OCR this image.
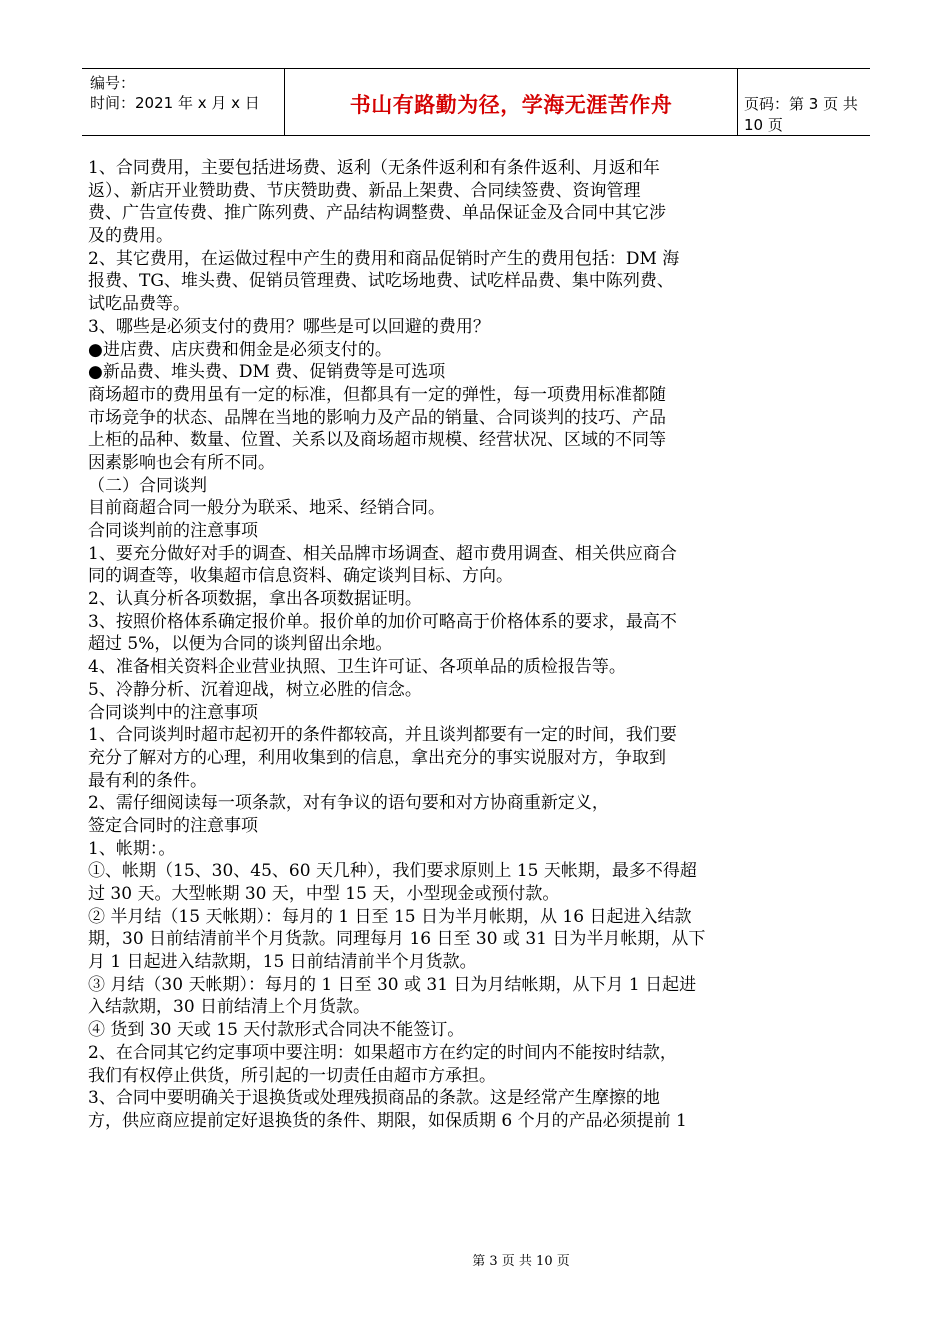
编号：
时间：2021 年 x 月 x 日	书山有路勤为径，学海无涯苦作舟	页码：第 3 页 共 10 页
1、合同费用，主要包括进场费、返利（无条件返利和有条件返利、月返和年
返）、新店开业赞助费、节庆赞助费、新品上架费、合同续签费、资询管理
费、广告宣传费、推广陈列费、产品结构调整费、单品保证金及合同中其它涉
及的费用。
2、其它费用，在运做过程中产生的费用和商品促销时产生的费用包括：DM 海
报费、TG、堆头费、促销员管理费、试吃场地费、试吃样品费、集中陈列费、
试吃品费等。
3、哪些是必须支付的费用？哪些是可以回避的费用？
●进店费、店庆费和佣金是必须支付的。
●新品费、堆头费、DM 费、促销费等是可选项
商场超市的费用虽有一定的标准，但都具有一定的弹性，每一项费用标准都随
市场竞争的状态、品牌在当地的影响力及产品的销量、合同谈判的技巧、产品
上柜的品种、数量、位置、关系以及商场超市规模、经营状况、区域的不同等
因素影响也会有所不同。
（二）合同谈判
目前商超合同一般分为联采、地采、经销合同。
合同谈判前的注意事项
1、要充分做好对手的调查、相关品牌市场调查、超市费用调查、相关供应商合
同的调查等，收集超市信息资料、确定谈判目标、方向。
2、认真分析各项数据，拿出各项数据证明。
3、按照价格体系确定报价单。报价单的加价可略高于价格体系的要求，最高不
超过 5%，以便为合同的谈判留出余地。
4、准备相关资料企业营业执照、卫生许可证、各项单品的质检报告等。
5、冷静分析、沉着迎战，树立必胜的信念。
合同谈判中的注意事项
1、合同谈判时超市起初开的条件都较高，并且谈判都要有一定的时间，我们要
充分了解对方的心理，利用收集到的信息，拿出充分的事实说服对方，争取到
最有利的条件。
2、需仔细阅读每一项条款，对有争议的语句要和对方协商重新定义，
签定合同时的注意事项
1、帐期：。
①、帐期（15、30、45、60 天几种），我们要求原则上 15 天帐期，最多不得超
过 30 天。大型帐期 30 天，中型 15 天，小型现金或预付款。
② 半月结（15 天帐期）：每月的 1 日至 15 日为半月帐期，从 16 日起进入结款
期，30 日前结清前半个月货款。同理每月 16 日至 30 或 31 日为半月帐期，从下
月 1 日起进入结款期，15 日前结清前半个月货款。
③ 月结（30 天帐期）：每月的 1 日至 30 或 31 日为月结帐期，从下月 1 日起进
入结款期，30 日前结清上个月货款。
④ 货到 30 天或 15 天付款形式合同决不能签订。
2、在合同其它约定事项中要注明：如果超市方在约定的时间内不能按时结款，
我们有权停止供货，所引起的一切责任由超市方承担。
3、合同中要明确关于退换货或处理残损商品的条款。这是经常产生摩擦的地
方，供应商应提前定好退换货的条件、期限，如保质期 6 个月的产品必须提前 1
第 3 页 共 10 页
